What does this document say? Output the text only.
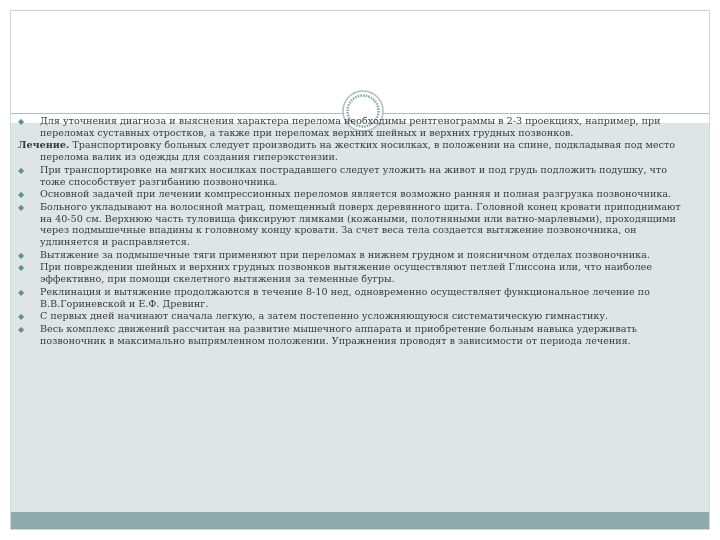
◆ Для уточнения диагноза и выяснения характера перелома необходимы рентгенограммы в 2-3 проекциях, например, при переломах суставных отростков, а также при переломах верхних шейных и верхних грудных позвонков.
Лечение. Транспортировку больных следует производить на жестких носилках, в положении на спине, подкладывая под место перелома валик из одежды для создания гиперэкстензии.
◆ При транспортировке на мягких носилках пострадавшего следует уложить на живот и под грудь подложить подушку, что тоже способствует разгибанию позвоночника.
◆ Основной задачей при лечении компрессионных переломов является возможно ранняя и полная разгрузка позвоночника.
◆ Больного укладывают на волосяной матрац, помещенный поверх деревянного щита. Головной конец кровати приподнимают на 40-50 см. Верхнюю часть туловища фиксируют лямками (кожаными, полотняными или ватно-марлевыми), проходящими через подмышечные впадины к головному концу кровати. За счет веса тела создается вытяжение позвоночника, он удлиняется и расправляется.
◆ Вытяжение за подмышечные тяги применяют при переломах в нижнем грудном и поясничном отделах позвоночника.
◆ При повреждении шейных и верхних грудных позвонков вытяжение осуществляют петлей Глиссона или, что наиболее эффективно, при помощи скелетного вытяжения за теменные бугры.
◆ Реклинация и вытяжение продолжаются в течение 8-10 нед, одновременно осуществляет функциональное лечение по В.В.Гориневской и Е.Ф. Древинг.
◆ С первых дней начинают сначала легкую, а затем постепенно усложняющуюся систематическую гимнастику.
◆ Весь комплекс движений рассчитан на развитие мышечного аппарата и приобретение больным навыка удерживать позвоночник в максимально выпрямленном положении. Упражнения проводят в зависимости от периода лечения.
